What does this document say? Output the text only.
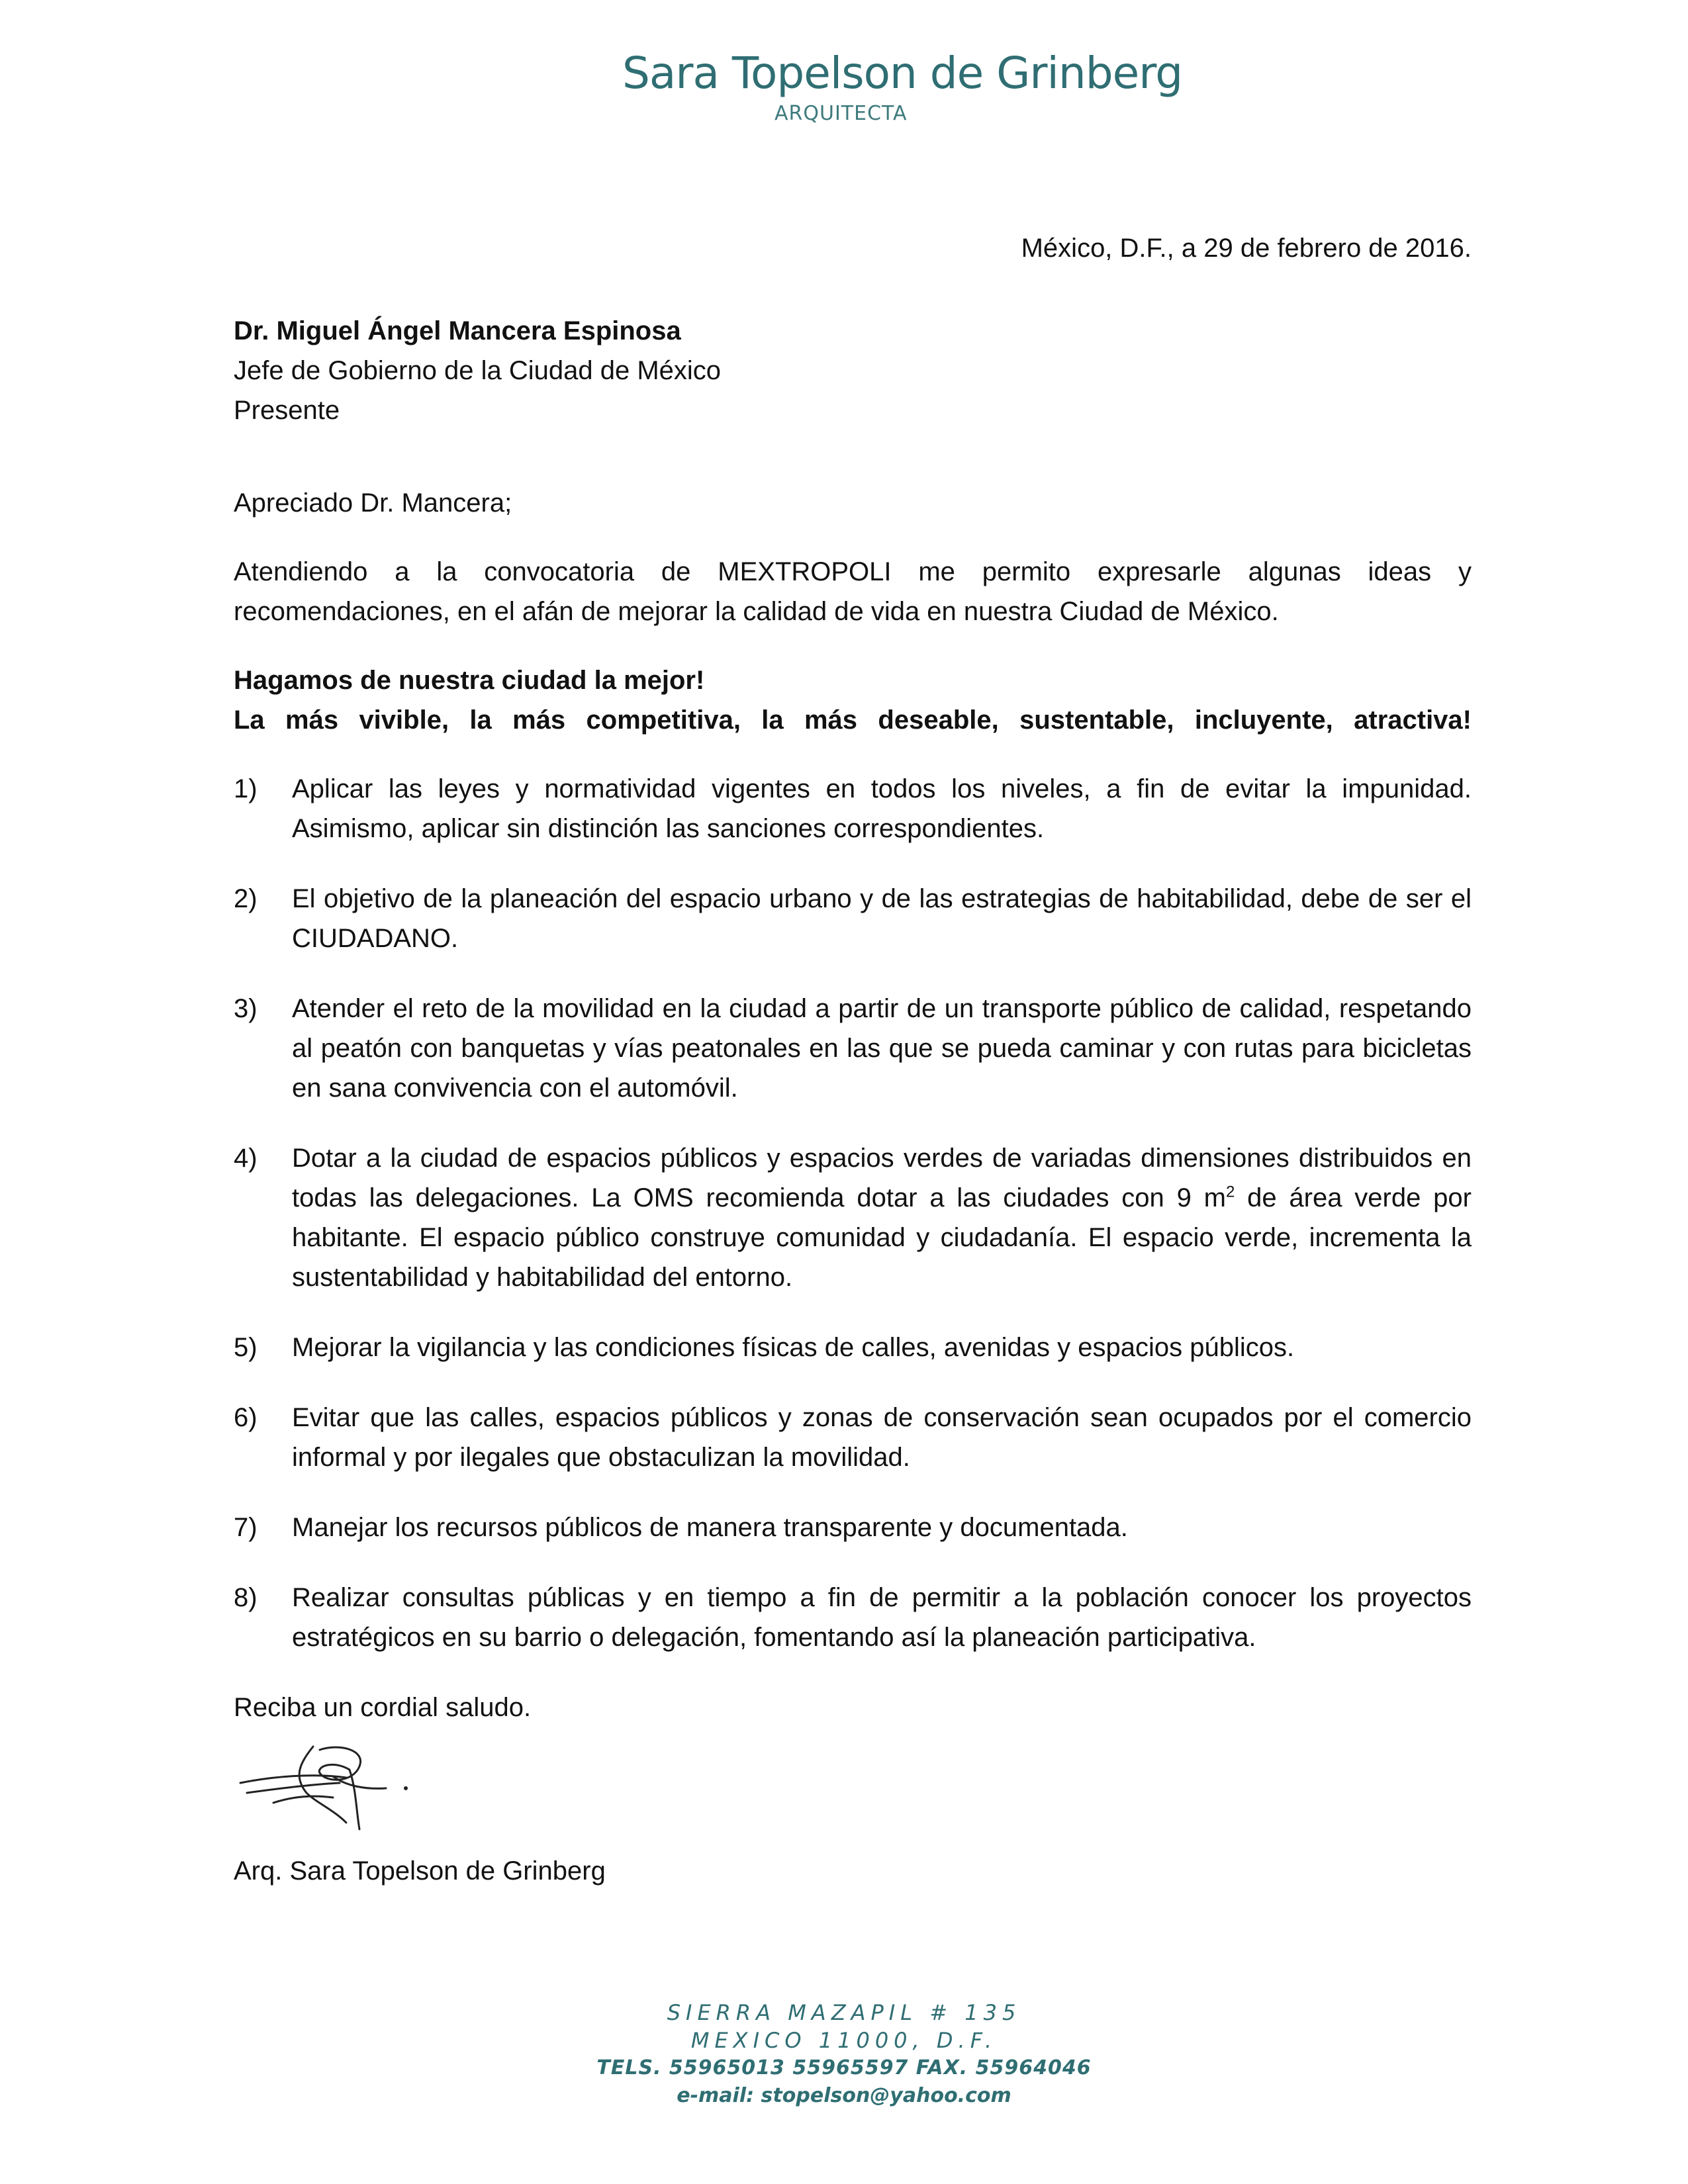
Sara Topelson de Grinberg
ARQUITECTA
México, D.F., a 29 de febrero de 2016.
Dr. Miguel Ángel Mancera Espinosa
Jefe de Gobierno de la Ciudad de México
Presente
Apreciado Dr. Mancera;
Atendiendo a la convocatoria de MEXTROPOLI me permito expresarle algunas ideas y recomendaciones, en el afán de mejorar la calidad de vida en nuestra Ciudad de México.
Hagamos de nuestra ciudad la mejor!
La más vivible, la más competitiva, la más deseable, sustentable, incluyente, atractiva!
1) Aplicar las leyes y normatividad vigentes en todos los niveles, a fin de evitar la impunidad. Asimismo, aplicar sin distinción las sanciones correspondientes.
2) El objetivo de la planeación del espacio urbano y de las estrategias de habitabilidad, debe de ser el CIUDADANO.
3) Atender el reto de la movilidad en la ciudad a partir de un transporte público de calidad, respetando al peatón con banquetas y vías peatonales en las que se pueda caminar y con rutas para bicicletas en sana convivencia con el automóvil.
4) Dotar a la ciudad de espacios públicos y espacios verdes de variadas dimensiones distribuidos en todas las delegaciones. La OMS recomienda dotar a las ciudades con 9 $m^2$ de área verde por habitante. El espacio público construye comunidad y ciudadanía. El espacio verde, incrementa la sustentabilidad y habitabilidad del entorno.
5) Mejorar la vigilancia y las condiciones físicas de calles, avenidas y espacios públicos.
6) Evitar que las calles, espacios públicos y zonas de conservación sean ocupados por el comercio informal y por ilegales que obstaculizan la movilidad.
7) Manejar los recursos públicos de manera transparente y documentada.
8) Realizar consultas públicas y en tiempo a fin de permitir a la población conocer los proyectos estratégicos en su barrio o delegación, fomentando así la planeación participativa.
Reciba un cordial saludo.
Arq. Sara Topelson de Grinberg
SIERRA MAZAPIL # 135
MEXICO 11000, D.F.
TELS. 55965013 55965597 FAX. 55964046
e-mail: stopelson@yahoo.com
